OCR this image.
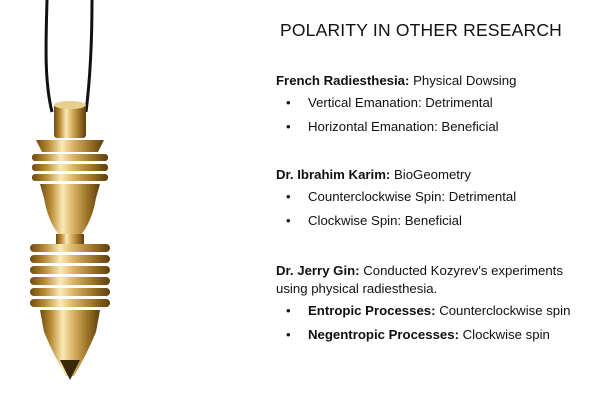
POLARITY IN OTHER RESEARCH
French Radiesthesia: Physical Dowsing
• Vertical Emanation: Detrimental
• Horizontal Emanation: Beneficial
Dr. Ibrahim Karim: BioGeometry
• Counterclockwise Spin: Detrimental
• Clockwise Spin: Beneficial
Dr. Jerry Gin: Conducted Kozyrev's experiments using physical radiesthesia.
• Entropic Processes: Counterclockwise spin
• Negentropic Processes: Clockwise spin
